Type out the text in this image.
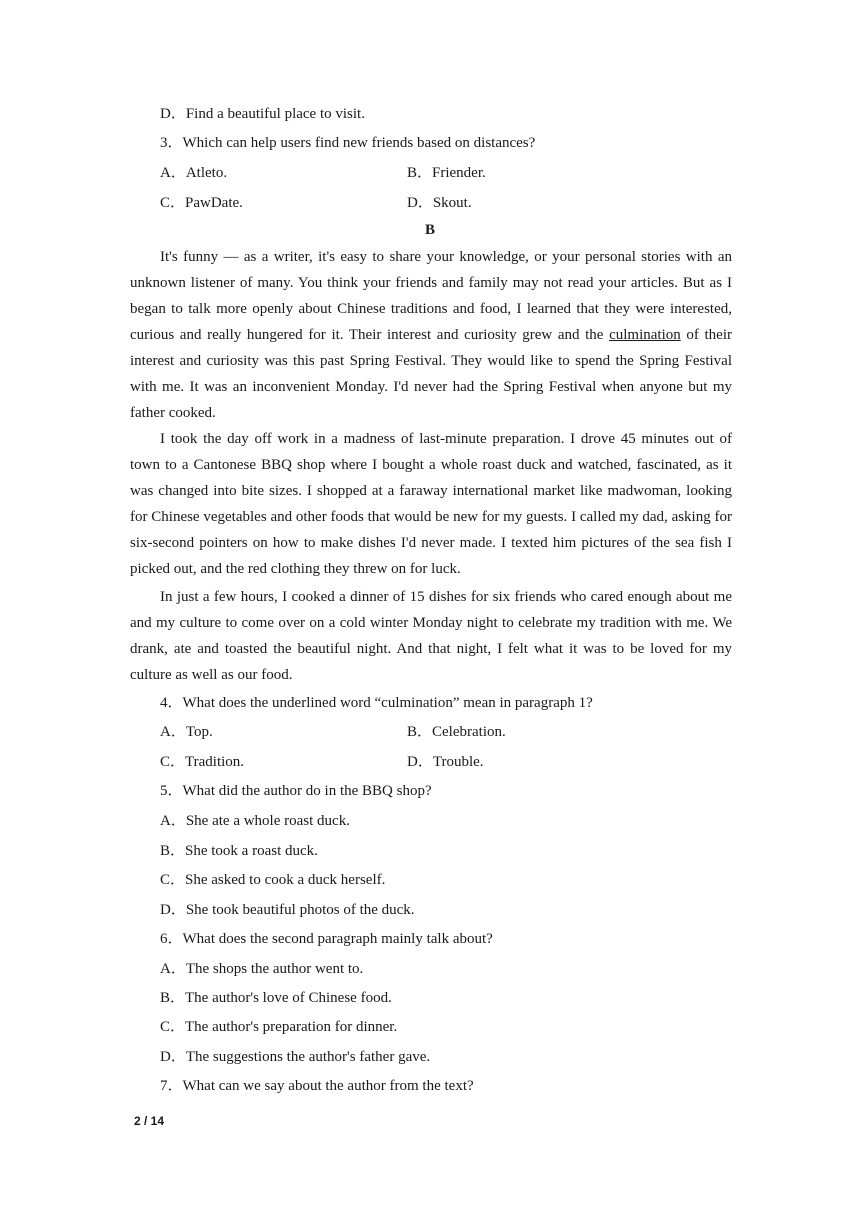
D．Find a beautiful place to visit.
3．Which can help users find new friends based on distances?
A．Atleto.	B．Friender.
C．PawDate.	D．Skout.
B

It's funny — as a writer, it's easy to share your knowledge, or your personal stories with an unknown listener of many. You think your friends and family may not read your articles. But as I began to talk more openly about Chinese traditions and food, I learned that they were interested, curious and really hungered for it. Their interest and curiosity grew and the culmination of their interest and curiosity was this past Spring Festival. They would like to spend the Spring Festival with me. It was an inconvenient Monday. I'd never had the Spring Festival when anyone but my father cooked.

I took the day off work in a madness of last-minute preparation. I drove 45 minutes out of town to a Cantonese BBQ shop where I bought a whole roast duck and watched, fascinated, as it was changed into bite sizes. I shopped at a faraway international market like madwoman, looking for Chinese vegetables and other foods that would be new for my guests. I called my dad, asking for six-second pointers on how to make dishes I'd never made. I texted him pictures of the sea fish I picked out, and the red clothing they threw on for luck.

In just a few hours, I cooked a dinner of 15 dishes for six friends who cared enough about me and my culture to come over on a cold winter Monday night to celebrate my tradition with me. We drank, ate and toasted the beautiful night. And that night, I felt what it was to be loved for my culture as well as our food.

4．What does the underlined word “culmination” mean in paragraph 1?
A．Top.	B．Celebration.
C．Tradition.	D．Trouble.
5．What did the author do in the BBQ shop?
A．She ate a whole roast duck.
B．She took a roast duck.
C．She asked to cook a duck herself.
D．She took beautiful photos of the duck.
6．What does the second paragraph mainly talk about?
A．The shops the author went to.
B．The author's love of Chinese food.
C．The author's preparation for dinner.
D．The suggestions the author's father gave.
7．What can we say about the author from the text?
2 / 14
